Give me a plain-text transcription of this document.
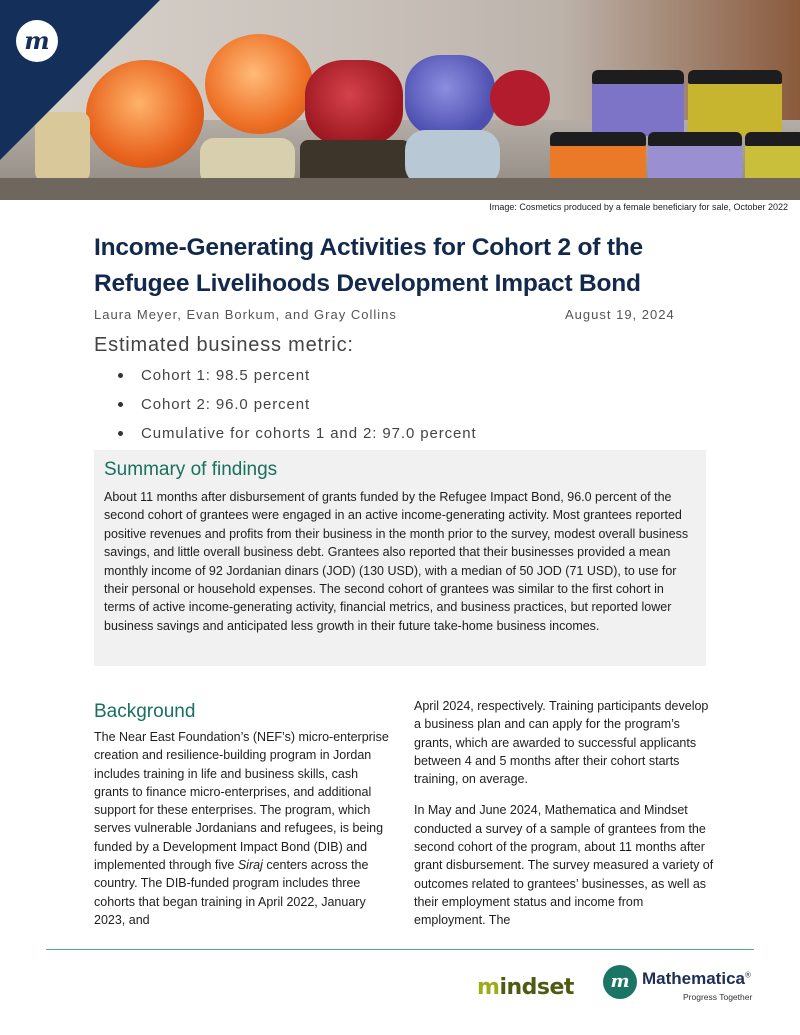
m
Image: Cosmetics produced by a female beneficiary for sale, October 2022
Income-Generating Activities for Cohort 2 of the
Refugee Livelihoods Development Impact Bond
Laura Meyer, Evan Borkum, and Gray Collins	August 19, 2024
Estimated business metric:
Cohort 1: 98.5 percent
Cohort 2: 96.0 percent
Cumulative for cohorts 1 and 2: 97.0 percent
Summary of findings

About 11 months after disbursement of grants funded by the Refugee Impact Bond, 96.0 percent of the second cohort of grantees were engaged in an active income-generating activity. Most grantees reported positive revenues and profits from their business in the month prior to the survey, modest overall business savings, and little overall business debt. Grantees also reported that their businesses provided a mean monthly income of 92 Jordanian dinars (JOD) (130 USD), with a median of 50 JOD (71 USD), to use for their personal or household expenses. The second cohort of grantees was similar to the first cohort in terms of active income-generating activity, financial metrics, and business practices, but reported lower business savings and anticipated less growth in their future take-home business incomes.

Background

The Near East Foundation’s (NEF’s) micro-enterprise creation and resilience-building program in Jordan includes training in life and business skills, cash grants to finance micro-enterprises, and additional support for these enterprises. The program, which serves vulnerable Jordanians and refugees, is being funded by a Development Impact Bond (DIB) and implemented through five Siraj centers across the country. The DIB-funded program includes three cohorts that began training in April 2022, January 2023, and

April 2024, respectively. Training participants develop a business plan and can apply for the program’s grants, which are awarded to successful applicants between 4 and 5 months after their cohort starts training, on average.

In May and June 2024, Mathematica and Mindset conducted a survey of a sample of grantees from the second cohort of the program, about 11 months after grant disbursement. The survey measured a variety of outcomes related to grantees’ businesses, as well as their employment status and income from employment. The

mindset m Mathematica®
Progress Together
